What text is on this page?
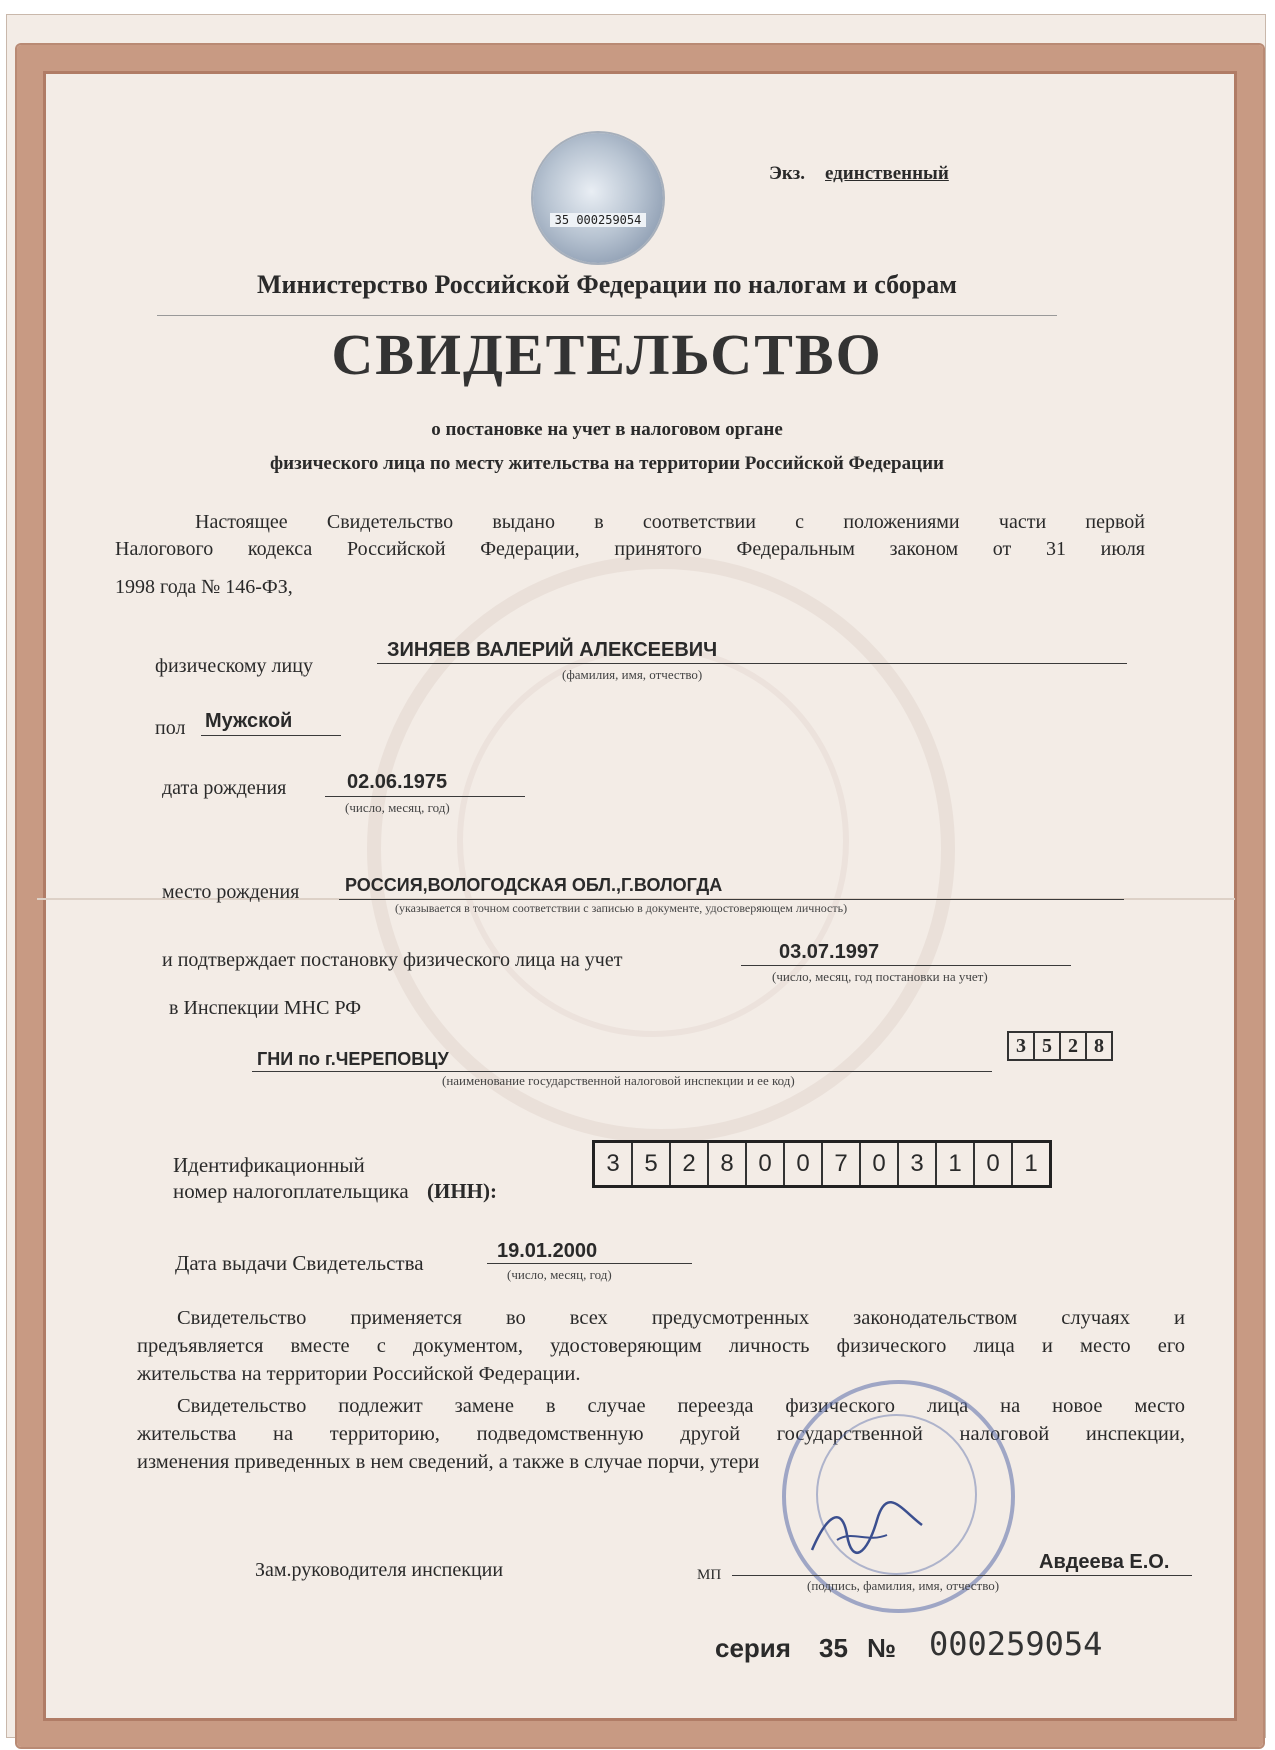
35 000259054
Экз. единственный
Министерство Российской Федерации по налогам и сборам
СВИДЕТЕЛЬСТВО
о постановке на учет в налоговом органе
физического лица по месту жительства на территории Российской Федерации
Настоящее Свидетельство выдано в соответствии с положениями части первой
Налогового кодекса Российской Федерации, принятого Федеральным законом от 31 июля
1998 года № 146-ФЗ,
физическому лицу
ЗИНЯЕВ ВАЛЕРИЙ АЛЕКСЕЕВИЧ
(фамилия, имя, отчество)
пол Мужской
дата рождения	02.06.1975
(число, месяц, год)
место рождения	РОССИЯ,ВОЛОГОДСКАЯ ОБЛ.,Г.ВОЛОГДА
(указывается в точном соответствии с записью в документе, удостоверяющем личность)
и подтверждает постановку физического лица на учет	03.07.1997
(число, месяц, год постановки на учет)
в Инспекции МНС РФ
ГНИ по г.ЧЕРЕПОВЦУ
(наименование государственной налоговой инспекции и ее код)
3 5 2 8
Идентификационный
номер налогоплательщика (ИНН):
3	5	2	8	0	0	7	0	3	1	0	1
Дата выдачи Свидетельства	19.01.2000
(число, месяц, год)
Свидетельство применяется во всех предусмотренных законодательством случаях и
предъявляется вместе с документом, удостоверяющим личность физического лица и место его
жительства на территории Российской Федерации.
Свидетельство подлежит замене в случае переезда физического лица на новое место
жительства на территорию, подведомственную другой государственной налоговой инспекции,
изменения приведенных в нем сведений, а также в случае порчи, утери
Зам.руководителя инспекции	МП
Авдеева Е.О.
(подпись, фамилия, имя, отчество)
серия 35 № 000259054
